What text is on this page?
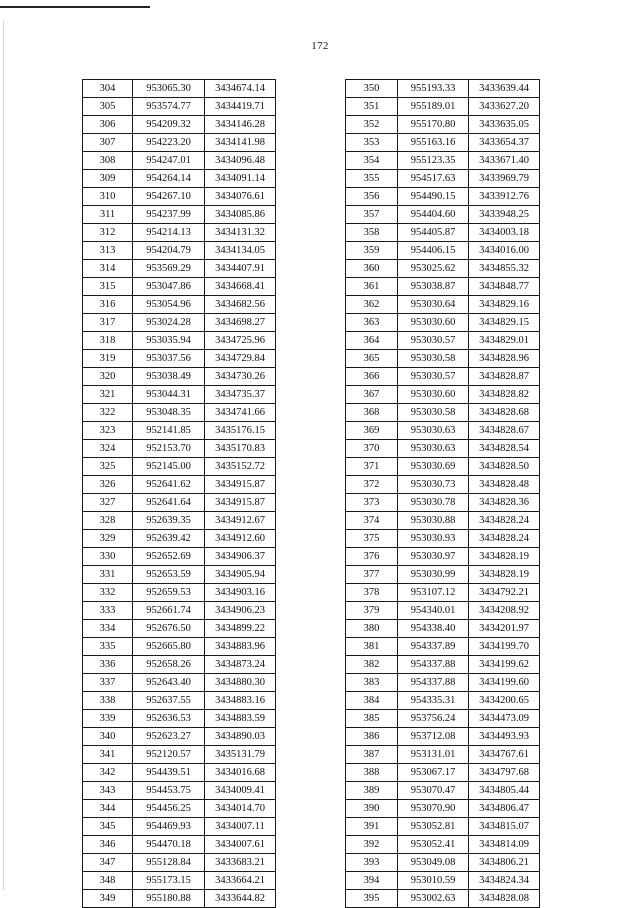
172
304	953065.30	3434674.14
305	953574.77	3434419.71
306	954209.32	3434146.28
307	954223.20	3434141.98
308	954247.01	3434096.48
309	954264.14	3434091.14
310	954267.10	3434076.61
311	954237.99	3434085.86
312	954214.13	3434131.32
313	954204.79	3434134.05
314	953569.29	3434407.91
315	953047.86	3434668.41
316	953054.96	3434682.56
317	953024.28	3434698.27
318	953035.94	3434725.96
319	953037.56	3434729.84
320	953038.49	3434730.26
321	953044.31	3434735.37
322	953048.35	3434741.66
323	952141.85	3435176.15
324	952153.70	3435170.83
325	952145.00	3435152.72
326	952641.62	3434915.87
327	952641.64	3434915.87
328	952639.35	3434912.67
329	952639.42	3434912.60
330	952652.69	3434906.37
331	952653.59	3434905.94
332	952659.53	3434903.16
333	952661.74	3434906.23
334	952676.50	3434899.22
335	952665.80	3434883.96
336	952658.26	3434873.24
337	952643.40	3434880.30
338	952637.55	3434883.16
339	952636.53	3434883.59
340	952623.27	3434890.03
341	952120.57	3435131.79
342	954439.51	3434016.68
343	954453.75	3434009.41
344	954456.25	3434014.70
345	954469.93	3434007.11
346	954470.18	3434007.61
347	955128.84	3433683.21
348	955173.15	3433664.21
349	955180.88	3433644.82
350	955193.33	3433639.44
351	955189.01	3433627.20
352	955170.80	3433635.05
353	955163.16	3433654.37
354	955123.35	3433671.40
355	954517.63	3433969.79
356	954490.15	3433912.76
357	954404.60	3433948.25
358	954405.87	3434003.18
359	954406.15	3434016.00
360	953025.62	3434855.32
361	953038.87	3434848.77
362	953030.64	3434829.16
363	953030.60	3434829.15
364	953030.57	3434829.01
365	953030.58	3434828.96
366	953030.57	3434828.87
367	953030.60	3434828.82
368	953030.58	3434828.68
369	953030.63	3434828.67
370	953030.63	3434828.54
371	953030.69	3434828.50
372	953030.73	3434828.48
373	953030.78	3434828.36
374	953030.88	3434828.24
375	953030.93	3434828.24
376	953030.97	3434828.19
377	953030.99	3434828.19
378	953107.12	3434792.21
379	954340.01	3434208.92
380	954338.40	3434201.97
381	954337.89	3434199.70
382	954337.88	3434199.62
383	954337.88	3434199.60
384	954335.31	3434200.65
385	953756.24	3434473.09
386	953712.08	3434493.93
387	953131.01	3434767.61
388	953067.17	3434797.68
389	953070.47	3434805.44
390	953070.90	3434806.47
391	953052.81	3434815.07
392	953052.41	3434814.09
393	953049.08	3434806.21
394	953010.59	3434824.34
395	953002.63	3434828.08
